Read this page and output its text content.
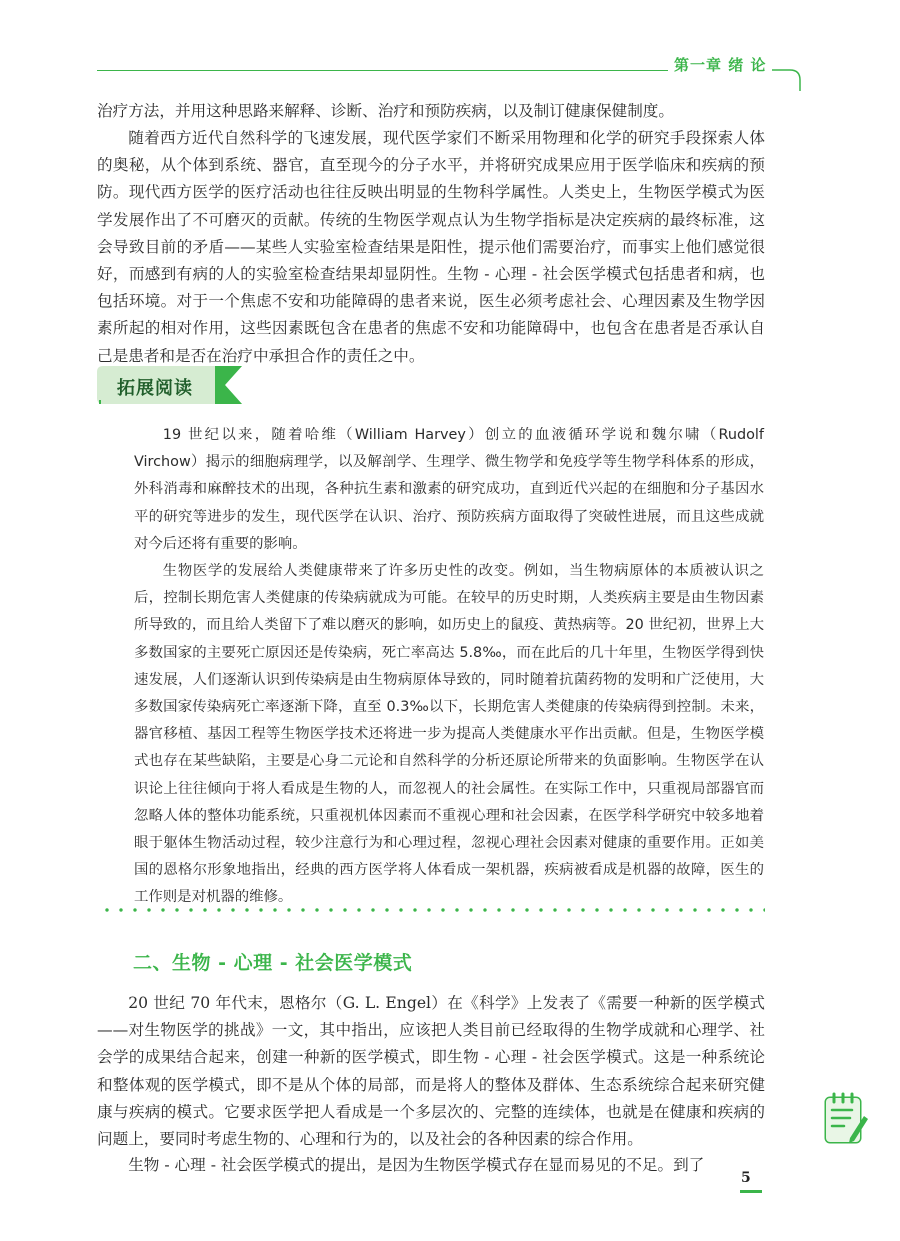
第一章 绪 论

治疗方法，并用这种思路来解释、诊断、治疗和预防疾病，以及制订健康保健制度。

随着西方近代自然科学的飞速发展，现代医学家们不断采用物理和化学的研究手段探索人体的奥秘，从个体到系统、器官，直至现今的分子水平，并将研究成果应用于医学临床和疾病的预防。现代西方医学的医疗活动也往往反映出明显的生物科学属性。人类史上，生物医学模式为医学发展作出了不可磨灭的贡献。传统的生物医学观点认为生物学指标是决定疾病的最终标准，这会导致目前的矛盾——某些人实验室检查结果是阳性，提示他们需要治疗，而事实上他们感觉很好，而感到有病的人的实验室检查结果却显阴性。生物 - 心理 - 社会医学模式包括患者和病，也包括环境。对于一个焦虑不安和功能障碍的患者来说，医生必须考虑社会、心理因素及生物学因素所起的相对作用，这些因素既包含在患者的焦虑不安和功能障碍中，也包含在患者是否承认自己是患者和是否在治疗中承担合作的责任之中。

拓展阅读

19 世纪以来，随着哈维（William Harvey）创立的血液循环学说和魏尔啸（Rudolf Virchow）揭示的细胞病理学，以及解剖学、生理学、微生物学和免疫学等生物学科体系的形成，外科消毒和麻醉技术的出现，各种抗生素和激素的研究成功，直到近代兴起的在细胞和分子基因水平的研究等进步的发生，现代医学在认识、治疗、预防疾病方面取得了突破性进展，而且这些成就对今后还将有重要的影响。

生物医学的发展给人类健康带来了许多历史性的改变。例如，当生物病原体的本质被认识之后，控制长期危害人类健康的传染病就成为可能。在较早的历史时期，人类疾病主要是由生物因素所导致的，而且给人类留下了难以磨灭的影响，如历史上的鼠疫、黄热病等。20 世纪初，世界上大多数国家的主要死亡原因还是传染病，死亡率高达 5.8‰，而在此后的几十年里，生物医学得到快速发展，人们逐渐认识到传染病是由生物病原体导致的，同时随着抗菌药物的发明和广泛使用，大多数国家传染病死亡率逐渐下降，直至 0.3‰以下，长期危害人类健康的传染病得到控制。未来，器官移植、基因工程等生物医学技术还将进一步为提高人类健康水平作出贡献。但是，生物医学模式也存在某些缺陷，主要是心身二元论和自然科学的分析还原论所带来的负面影响。生物医学在认识论上往往倾向于将人看成是生物的人，而忽视人的社会属性。在实际工作中，只重视局部器官而忽略人体的整体功能系统，只重视机体因素而不重视心理和社会因素，在医学科学研究中较多地着眼于躯体生物活动过程，较少注意行为和心理过程，忽视心理社会因素对健康的重要作用。正如美国的恩格尔形象地指出，经典的西方医学将人体看成一架机器，疾病被看成是机器的故障，医生的工作则是对机器的维修。

二、生物 - 心理 - 社会医学模式

20 世纪 70 年代末，恩格尔（G. L. Engel）在《科学》上发表了《需要一种新的医学模式——对生物医学的挑战》一文，其中指出，应该把人类目前已经取得的生物学成就和心理学、社会学的成果结合起来，创建一种新的医学模式，即生物 - 心理 - 社会医学模式。这是一种系统论和整体观的医学模式，即不是从个体的局部，而是将人的整体及群体、生态系统综合起来研究健康与疾病的模式。它要求医学把人看成是一个多层次的、完整的连续体，也就是在健康和疾病的问题上，要同时考虑生物的、心理和行为的，以及社会的各种因素的综合作用。

生物 - 心理 - 社会医学模式的提出，是因为生物医学模式存在显而易见的不足。到了

5
